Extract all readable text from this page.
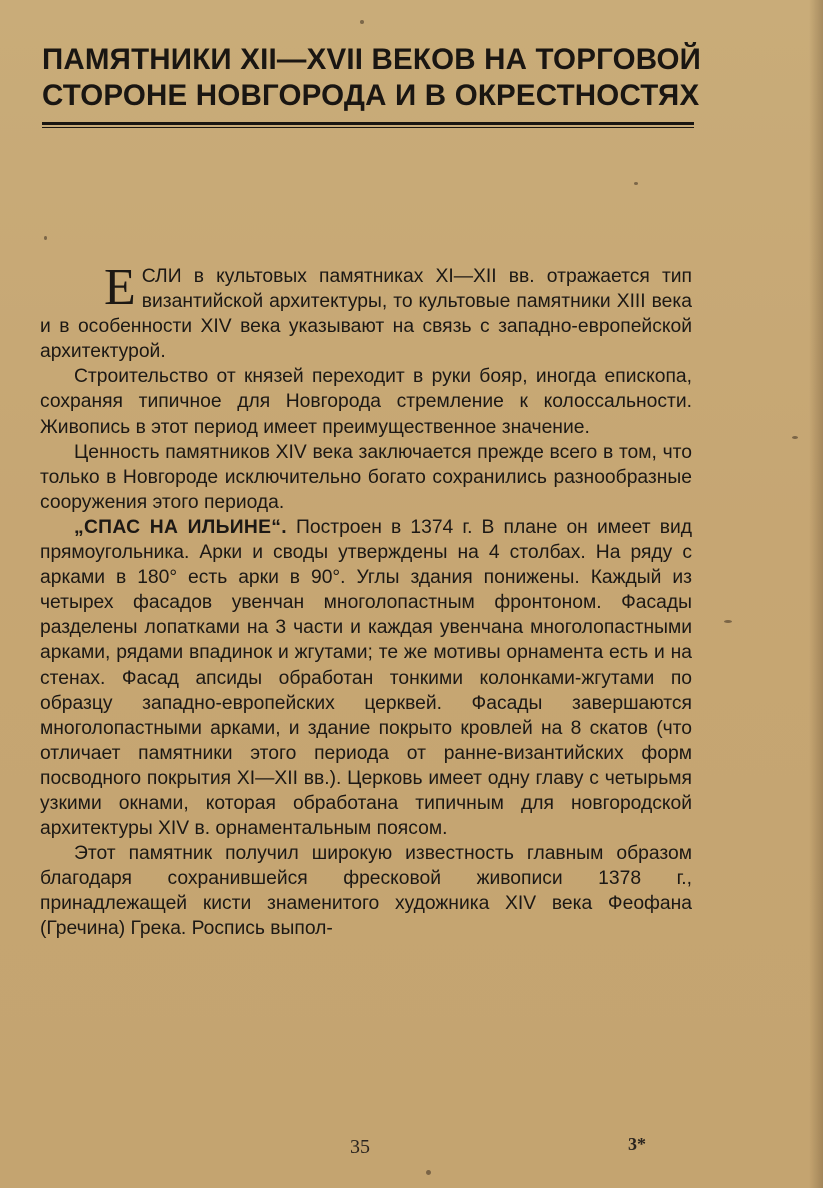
ПАМЯТНИКИ XII—XVII ВЕКОВ НА ТОРГОВОЙ
СТОРОНЕ НОВГОРОДА И В ОКРЕСТНОСТЯХ

ЕСЛИ в культовых памятниках XI—XII вв. отражается тип византийской архитектуры, то культовые памятники XIII века и в особенности XIV века указывают на связь с западно-европейской архитектурой.

Строительство от князей переходит в руки бояр, иногда епископа, сохраняя типичное для Новгорода стремление к колоссальности. Живопись в этот период имеет преимущественное значение.

Ценность памятников XIV века заключается прежде всего в том, что только в Новгороде исключительно богато сохранились разнообразные сооружения этого периода.

„СПАС НА ИЛЬИНЕ“. Построен в 1374 г. В плане он имеет вид прямоугольника. Арки и своды утверждены на 4 столбах. На ряду с арками в 180° есть арки в 90°. Углы здания понижены. Каждый из четырех фасадов увенчан многолопастным фронтоном. Фасады разделены лопатками на 3 части и каждая увенчана многолопастными арками, рядами впадинок и жгутами; те же мотивы орнамента есть и на стенах. Фасад апсиды обработан тонкими колонками-жгутами по образцу западно-европейских церквей. Фасады завершаются многолопастными арками, и здание покрыто кровлей на 8 скатов (что отличает памятники этого периода от ранне-византийских форм посводного покрытия XI—XII вв.). Церковь имеет одну главу с четырьмя узкими окнами, которая обработана типичным для новгородской архитектуры XIV в. орнаментальным поясом.

Этот памятник получил широкую известность главным образом благодаря сохранившейся фресковой живописи 1378 г., принадлежащей кисти знаменитого художника XIV века Феофана (Гречина) Грека. Роспись выпол-

35	3*
